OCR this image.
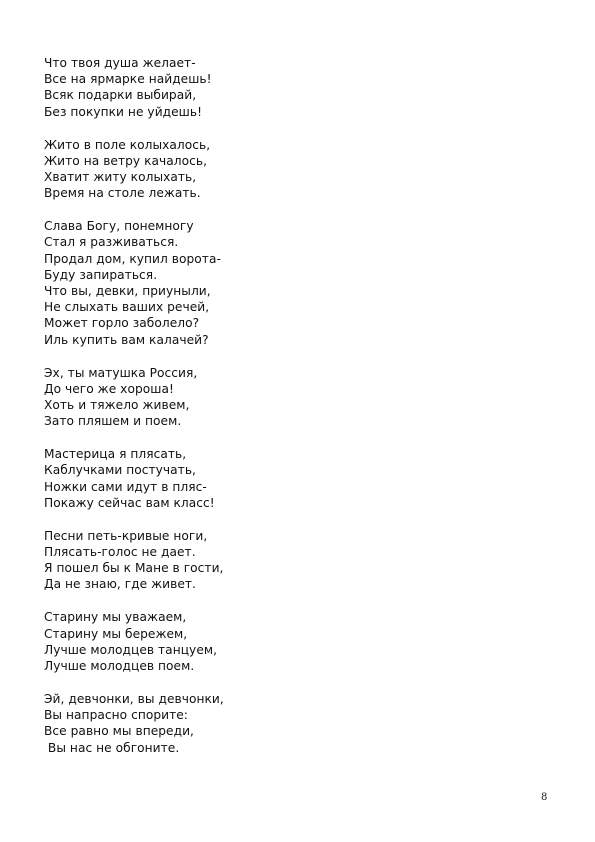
Что твоя душа желает-
Все на ярмарке найдешь!
Всяк подарки выбирай,
Без покупки не уйдешь!
Жито в поле колыхалось,
Жито на ветру качалось,
Хватит житу колыхать,
Время на столе лежать.
Слава Богу, понемногу
Стал я разживаться.
Продал дом, купил ворота-
Буду запираться.
Что вы, девки, приуныли,
Не слыхать ваших речей,
Может горло заболело?
Иль купить вам калачей?
Эх, ты матушка Россия,
До чего же хороша!
Хоть и тяжело живем,
Зато пляшем и поем.
Мастерица я плясать,
Каблучками постучать,
Ножки сами идут в пляс-
Покажу сейчас вам класс!
Песни петь-кривые ноги,
Плясать-голос не дает.
Я пошел бы к Мане в гости,
Да не знаю, где живет.
Старину мы уважаем,
Старину мы бережем,
Лучше молодцев танцуем,
Лучше молодцев поем.
Эй, девчонки, вы девчонки,
Вы напрасно спорите:
Все равно мы впереди,
Вы нас не обгоните.
8
